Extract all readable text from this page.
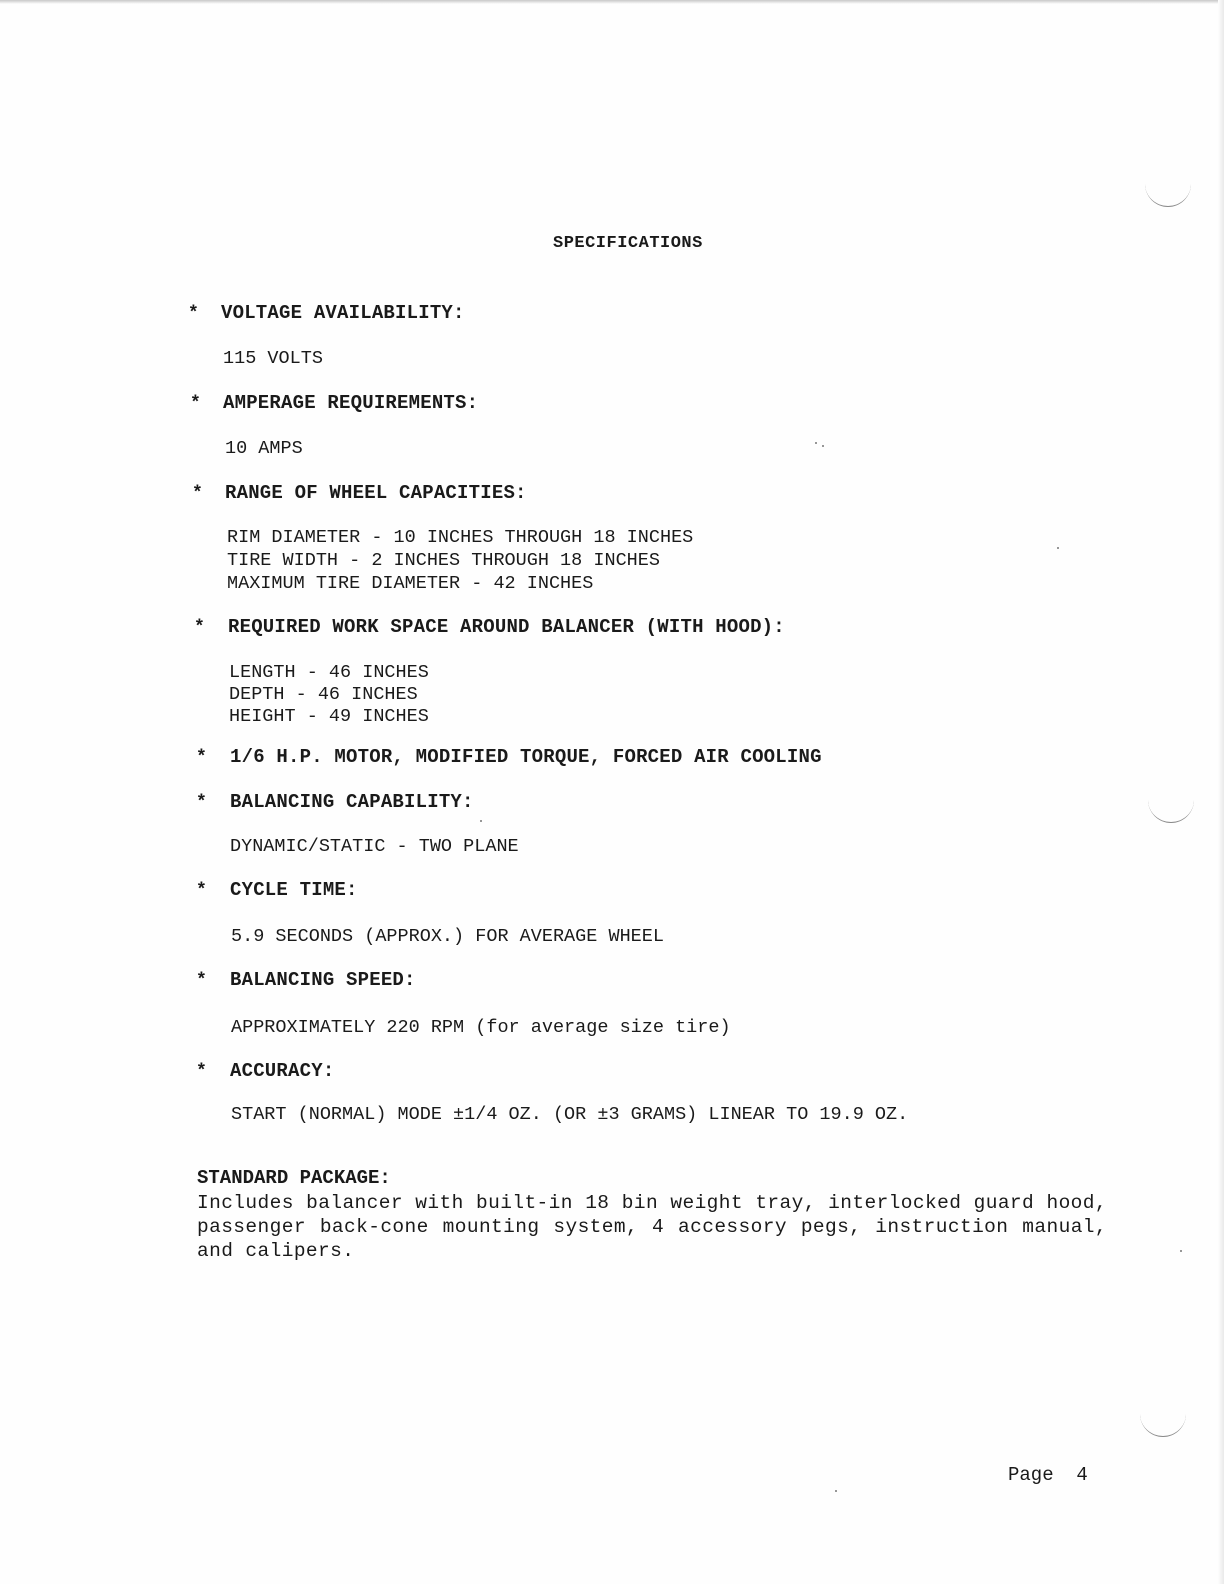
SPECIFICATIONS
* VOLTAGE AVAILABILITY:
115 VOLTS
* AMPERAGE REQUIREMENTS:
10 AMPS
* RANGE OF WHEEL CAPACITIES:
RIM DIAMETER - 10 INCHES THROUGH 18 INCHES
TIRE WIDTH - 2 INCHES THROUGH 18 INCHES
MAXIMUM TIRE DIAMETER - 42 INCHES
* REQUIRED WORK SPACE AROUND BALANCER (WITH HOOD):
LENGTH - 46 INCHES
DEPTH - 46 INCHES
HEIGHT - 49 INCHES
* 1/6 H.P. MOTOR, MODIFIED TORQUE, FORCED AIR COOLING
* BALANCING CAPABILITY:
DYNAMIC/STATIC - TWO PLANE
* CYCLE TIME:
5.9 SECONDS (APPROX.) FOR AVERAGE WHEEL
* BALANCING SPEED:
APPROXIMATELY 220 RPM (for average size tire)
* ACCURACY:
START (NORMAL) MODE ±1/4 OZ. (OR ±3 GRAMS) LINEAR TO 19.9 OZ.
STANDARD PACKAGE:
Includes balancer with built-in 18 bin weight tray, interlocked guard hood, passenger back-cone mounting system, 4 accessory pegs, instruction manual, and calipers.
Page  4
